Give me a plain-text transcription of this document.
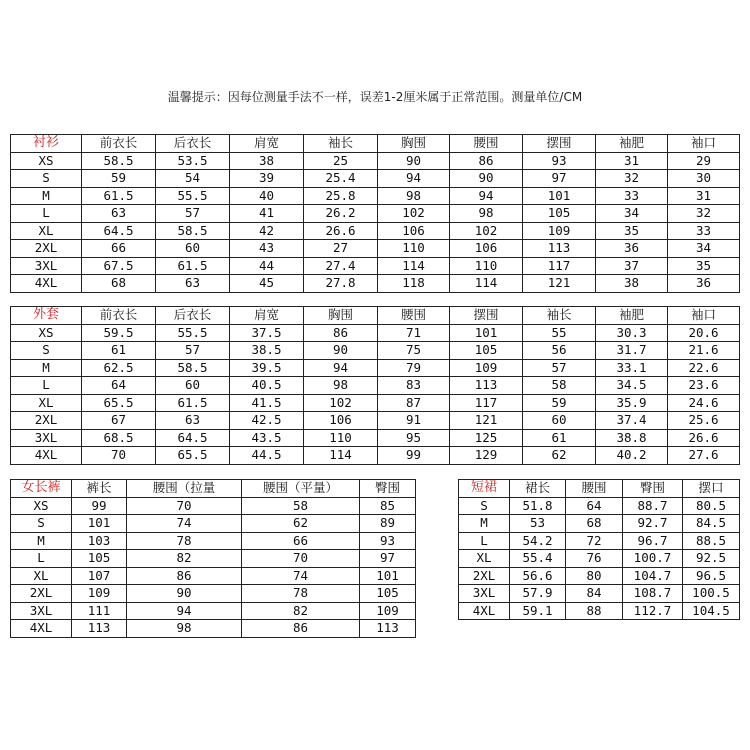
温馨提示：因每位测量手法不一样，误差1-2厘米属于正常范围。测量单位/CM
衬衫	前衣长	后衣长	肩宽	袖长	胸围	腰围	摆围	袖肥	袖口
XS	58.5	53.5	38	25	90	86	93	31	29
S	59	54	39	25.4	94	90	97	32	30
M	61.5	55.5	40	25.8	98	94	101	33	31
L	63	57	41	26.2	102	98	105	34	32
XL	64.5	58.5	42	26.6	106	102	109	35	33
2XL	66	60	43	27	110	106	113	36	34
3XL	67.5	61.5	44	27.4	114	110	117	37	35
4XL	68	63	45	27.8	118	114	121	38	36
外套	前衣长	后衣长	肩宽	胸围	腰围	摆围	袖长	袖肥	袖口
XS	59.5	55.5	37.5	86	71	101	55	30.3	20.6
S	61	57	38.5	90	75	105	56	31.7	21.6
M	62.5	58.5	39.5	94	79	109	57	33.1	22.6
L	64	60	40.5	98	83	113	58	34.5	23.6
XL	65.5	61.5	41.5	102	87	117	59	35.9	24.6
2XL	67	63	42.5	106	91	121	60	37.4	25.6
3XL	68.5	64.5	43.5	110	95	125	61	38.8	26.6
4XL	70	65.5	44.5	114	99	129	62	40.2	27.6
女长裤	裤长	腰围（拉量	腰围（平量）	臀围
XS	99	70	58	85
S	101	74	62	89
M	103	78	66	93
L	105	82	70	97
XL	107	86	74	101
2XL	109	90	78	105
3XL	111	94	82	109
4XL	113	98	86	113
短裙	裙长	腰围	臀围	摆口
S	51.8	64	88.7	80.5
M	53	68	92.7	84.5
L	54.2	72	96.7	88.5
XL	55.4	76	100.7	92.5
2XL	56.6	80	104.7	96.5
3XL	57.9	84	108.7	100.5
4XL	59.1	88	112.7	104.5
